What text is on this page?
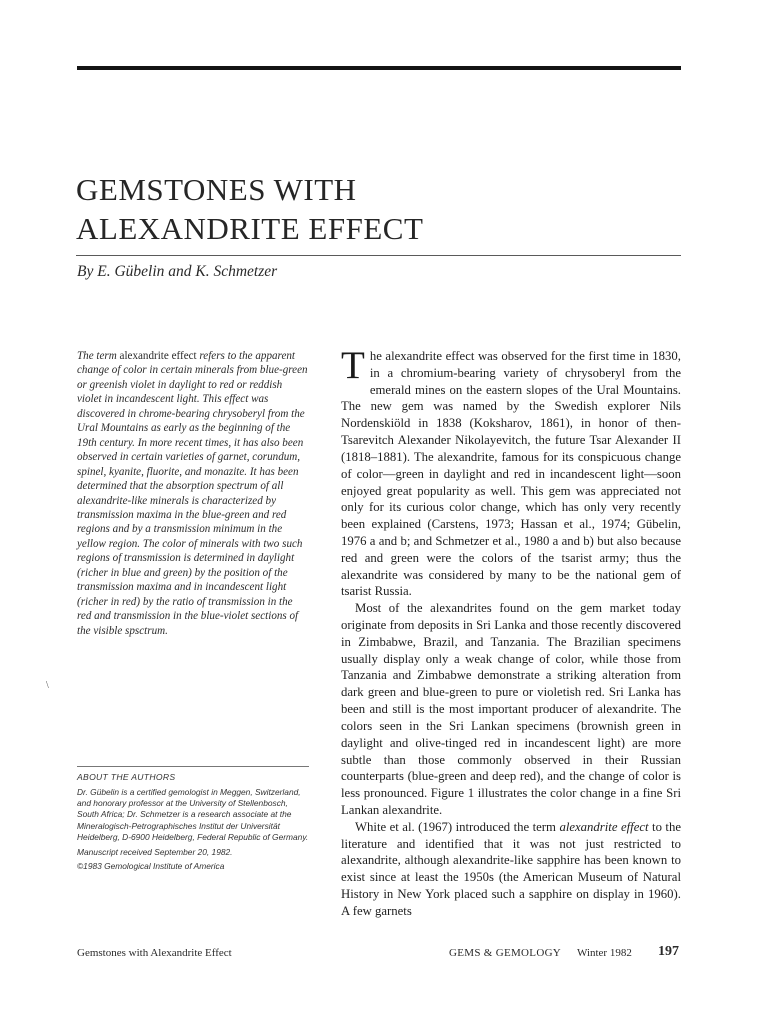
GEMSTONES WITH
ALEXANDRITE EFFECT
By E. Gübelin and K. Schmetzer
The term alexandrite effect refers to the apparent change of color in certain minerals from blue-green or greenish violet in daylight to red or reddish violet in incandescent light. This effect was discovered in chrome-bearing chrysoberyl from the Ural Mountains as early as the beginning of the 19th century. In more recent times, it has also been observed in certain varieties of garnet, corundum, spinel, kyanite, fluorite, and monazite. It has been determined that the absorption spectrum of all alexandrite-like minerals is characterized by transmission maxima in the blue-green and red regions and by a transmission minimum in the yellow region. The color of minerals with two such regions of transmission is determined in daylight (richer in blue and green) by the position of the transmission maxima and in incandescent light (richer in red) by the ratio of transmission in the red and transmission in the blue-violet sections of the visible spsctrum.
\
ABOUT THE AUTHORS
Dr. Gübelin is a certified gemologist in Meggen, Switzerland, and honorary professor at the University of Stellenbosch, South Africa; Dr. Schmetzer is a research associate at the Mineralogisch-Petrographisches Institut der Universität Heidelberg, D-6900 Heidelberg, Federal Republic of Germany.
Manuscript received September 20, 1982.
©1983 Gemological Institute of America

The alexandrite effect was observed for the first time in 1830, in a chromium-bearing variety of chrysoberyl from the emerald mines on the eastern slopes of the Ural Mountains. The new gem was named by the Swedish explorer Nils Nordenskiöld in 1838 (Koksharov, 1861), in honor of then-Tsarevitch Alexander Nikolayevitch, the future Tsar Alexander II (1818–1881). The alexandrite, famous for its conspicuous change of color—green in daylight and red in incandescent light—soon enjoyed great popularity as well. This gem was appreciated not only for its curious color change, which has only very recently been explained (Carstens, 1973; Hassan et al., 1974; Gübelin, 1976 a and b; and Schmetzer et al., 1980 a and b) but also because red and green were the colors of the tsarist army; thus the alexandrite was considered by many to be the national gem of tsarist Russia.

Most of the alexandrites found on the gem market today originate from deposits in Sri Lanka and those recently discovered in Zimbabwe, Brazil, and Tanzania. The Brazilian specimens usually display only a weak change of color, while those from Tanzania and Zimbabwe demonstrate a striking alteration from dark green and blue-green to pure or violetish red. Sri Lanka has been and still is the most important producer of alexandrite. The colors seen in the Sri Lankan specimens (brownish green in daylight and olive-tinged red in incandescent light) are more subtle than those commonly observed in their Russian counterparts (blue-green and deep red), and the change of color is less pronounced. Figure 1 illustrates the color change in a fine Sri Lankan alexandrite.

White et al. (1967) introduced the term alexandrite effect to the literature and identified that it was not just restricted to alexandrite, although alexandrite-like sapphire has been known to exist since at least the 1950s (the American Museum of Natural History in New York placed such a sapphire on display in 1960). A few garnets

Gemstones with Alexandrite Effect	GEMS & GEMOLOGY Winter 1982 197
